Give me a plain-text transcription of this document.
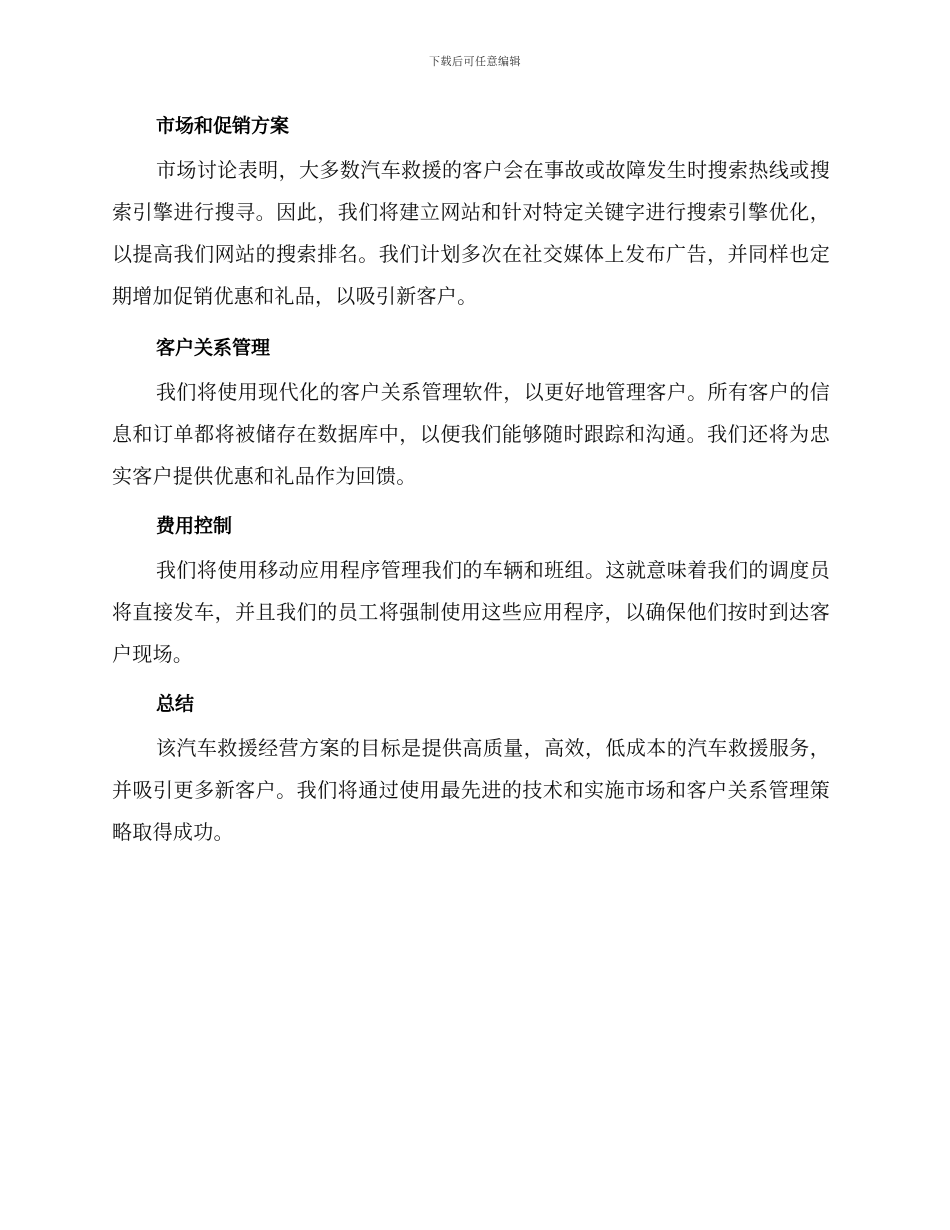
下载后可任意编辑
市场和促销方案

市场讨论表明，大多数汽车救援的客户会在事故或故障发生时搜索热线或搜索引擎进行搜寻。因此，我们将建立网站和针对特定关键字进行搜索引擎优化，以提高我们网站的搜索排名。我们计划多次在社交媒体上发布广告，并同样也定期增加促销优惠和礼品，以吸引新客户。

客户关系管理

我们将使用现代化的客户关系管理软件，以更好地管理客户。所有客户的信息和订单都将被储存在数据库中，以便我们能够随时跟踪和沟通。我们还将为忠实客户提供优惠和礼品作为回馈。

费用控制

我们将使用移动应用程序管理我们的车辆和班组。这就意味着我们的调度员将直接发车，并且我们的员工将强制使用这些应用程序，以确保他们按时到达客户现场。

总结

该汽车救援经营方案的目标是提供高质量，高效，低成本的汽车救援服务，并吸引更多新客户。我们将通过使用最先进的技术和实施市场和客户关系管理策略取得成功。
